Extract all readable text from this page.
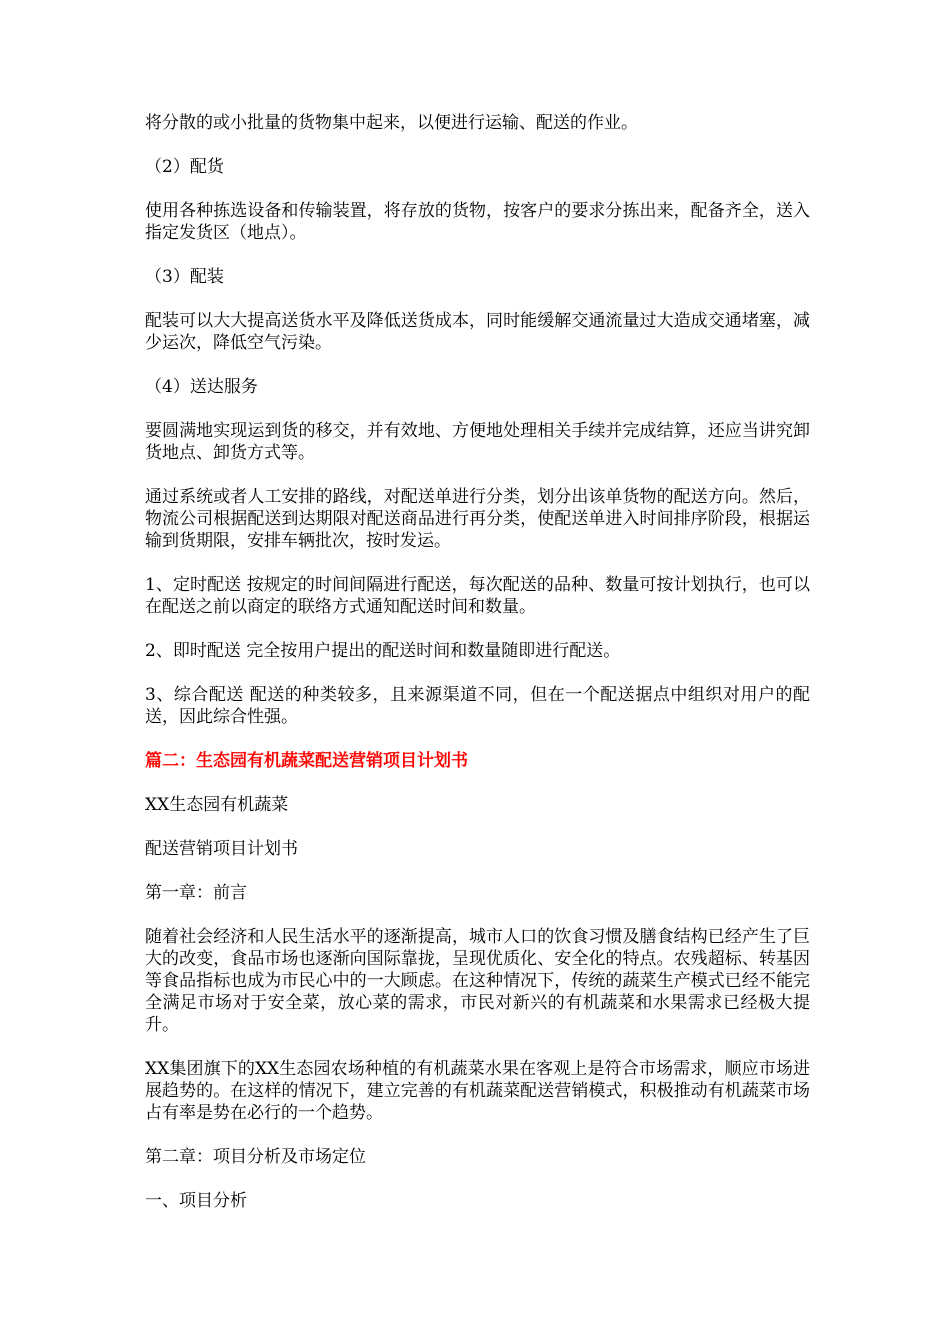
将分散的或小批量的货物集中起来，以便进行运输、配送的作业。

（2）配货

使用各种拣选设备和传输装置，将存放的货物，按客户的要求分拣出来，配备齐全，送入指定发货区（地点）。

（3）配装

配装可以大大提高送货水平及降低送货成本，同时能缓解交通流量过大造成交通堵塞，减少运次，降低空气污染。

（4）送达服务

要圆满地实现运到货的移交，并有效地、方便地处理相关手续并完成结算，还应当讲究卸货地点、卸货方式等。

通过系统或者人工安排的路线，对配送单进行分类，划分出该单货物的配送方向。然后，物流公司根据配送到达期限对配送商品进行再分类，使配送单进入时间排序阶段，根据运输到货期限，安排车辆批次，按时发运。

1、定时配送 按规定的时间间隔进行配送，每次配送的品种、数量可按计划执行，也可以在配送之前以商定的联络方式通知配送时间和数量。

2、即时配送 完全按用户提出的配送时间和数量随即进行配送。

3、综合配送 配送的种类较多，且来源渠道不同，但在一个配送据点中组织对用户的配送，因此综合性强。

篇二：生态园有机蔬菜配送营销项目计划书

XX生态园有机蔬菜

配送营销项目计划书

第一章：前言

随着社会经济和人民生活水平的逐渐提高，城市人口的饮食习惯及膳食结构已经产生了巨大的改变，食品市场也逐渐向国际靠拢，呈现优质化、安全化的特点。农残超标、转基因等食品指标也成为市民心中的一大顾虑。在这种情况下，传统的蔬菜生产模式已经不能完全满足市场对于安全菜，放心菜的需求，市民对新兴的有机蔬菜和水果需求已经极大提升。

XX集团旗下的XX生态园农场种植的有机蔬菜水果在客观上是符合市场需求，顺应市场进展趋势的。在这样的情况下，建立完善的有机蔬菜配送营销模式，积极推动有机蔬菜市场占有率是势在必行的一个趋势。

第二章：项目分析及市场定位

一、项目分析
